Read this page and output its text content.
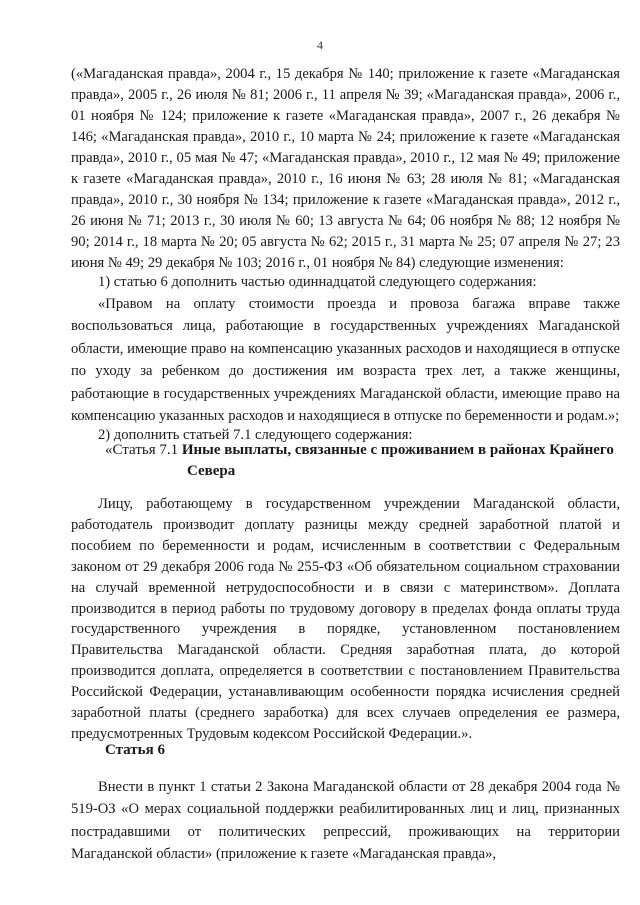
4

(«Магаданская правда», 2004 г., 15 декабря № 140; приложение к газете «Магаданская правда», 2005 г., 26 июля № 81; 2006 г., 11 апреля № 39; «Магаданская правда», 2006 г., 01 ноября № 124; приложение к газете «Магаданская правда», 2007 г., 26 декабря № 146; «Магаданская правда», 2010 г., 10 марта № 24; приложение к газете «Магаданская правда», 2010 г., 05 мая № 47; «Магаданская правда», 2010 г., 12 мая № 49; приложение к газете «Магаданская правда», 2010 г., 16 июня № 63; 28 июля № 81; «Магаданская правда», 2010 г., 30 ноября № 134; приложение к газете «Магаданская правда», 2012 г., 26 июня № 71; 2013 г., 30 июля № 60; 13 августа № 64; 06 ноября № 88; 12 ноября № 90; 2014 г., 18 марта № 20; 05 августа № 62; 2015 г., 31 марта № 25; 07 апреля № 27; 23 июня № 49; 29 декабря № 103; 2016 г., 01 ноября № 84) следующие изменения:

1) статью 6 дополнить частью одиннадцатой следующего содержания:

«Правом на оплату стоимости проезда и провоза багажа вправе также воспользоваться лица, работающие в государственных учреждениях Магаданской области, имеющие право на компенсацию указанных расходов и находящиеся в отпуске по уходу за ребенком до достижения им возраста трех лет, а также женщины, работающие в государственных учреждениях Магаданской области, имеющие право на компенсацию указанных расходов и находящиеся в отпуске по беременности и родам.»;

2) дополнить статьей 7.1 следующего содержания:

«Статья 7.1 Иные выплаты, связанные с проживанием в районах Крайнего
Севера

Лицу, работающему в государственном учреждении Магаданской области, работодатель производит доплату разницы между средней заработной платой и пособием по беременности и родам, исчисленным в соответствии с Федеральным законом от 29 декабря 2006 года № 255-ФЗ «Об обязательном социальном страховании на случай временной нетрудоспособности и в связи с материнством». Доплата производится в период работы по трудовому договору в пределах фонда оплаты труда государственного учреждения в порядке, установленном постановлением Правительства Магаданской области. Средняя заработная плата, до которой производится доплата, определяется в соответствии с постановлением Правительства Российской Федерации, устанавливающим особенности порядка исчисления средней заработной платы (среднего заработка) для всех случаев определения ее размера, предусмотренных Трудовым кодексом Российской Федерации.».

Статья 6

Внести в пункт 1 статьи 2 Закона Магаданской области от 28 декабря 2004 года № 519-ОЗ «О мерах социальной поддержки реабилитированных лиц и лиц, признанных пострадавшими от политических репрессий, проживающих на территории Магаданской области» (приложение к газете «Магаданская правда»,
